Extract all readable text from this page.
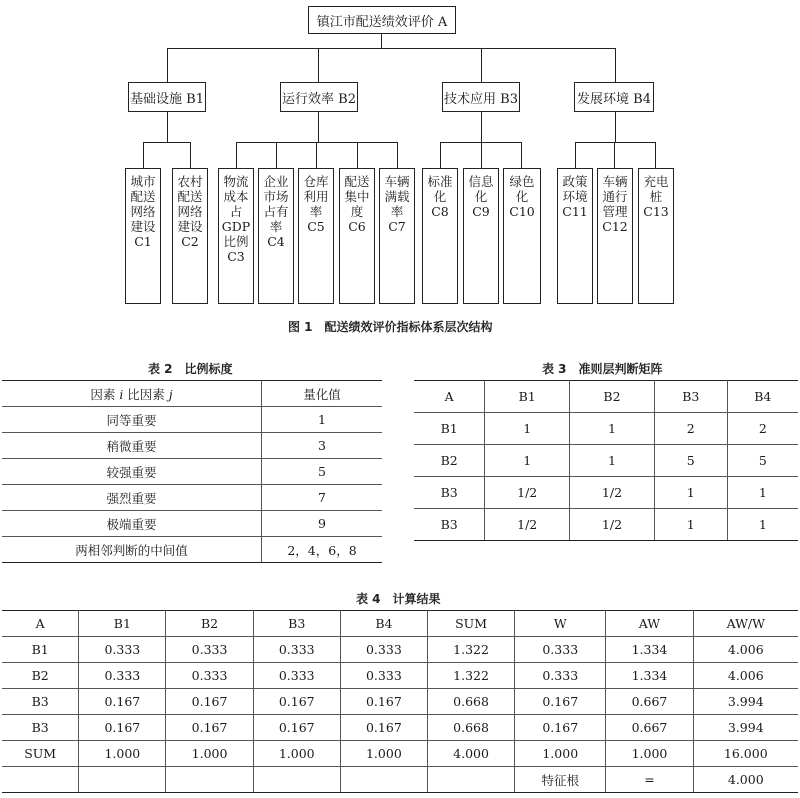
镇江市配送绩效评价 A
基础设施 B1	运行效率 B2	技术应用 B3	发展环境 B4
城市
配送
网络
建设
C1
农村
配送
网络
建设
C2
物流
成本
占
GDP
比例
C3
企业
市场
占有
率
C4
仓库
利用
率
C5
配送
集中
度
C6
车辆
满载
率
C7
标准
化
C8
信息
化
C9
绿色
化
C10
政策
环境
C11
车辆
通行
管理
C12
充电
桩
C13
图 1 配送绩效评价指标体系层次结构
表 2 比例标度
因素 i 比因素 j	量化值
同等重要	1
稍微重要	3
较强重要	5
强烈重要	7
极端重要	9
两相邻判断的中间值	2，4，6，8
表 3 准则层判断矩阵
A	B1	B2	B3	B4
B1	1	1	2	2
B2	1	1	5	5
B3	1/2	1/2	1	1
B3	1/2	1/2	1	1
表 4 计算结果
A	B1	B2	B3	B4	SUM	W	AW	AW/W
B1	0.333	0.333	0.333	0.333	1.322	0.333	1.334	4.006
B2	0.333	0.333	0.333	0.333	1.322	0.333	1.334	4.006
B3	0.167	0.167	0.167	0.167	0.668	0.167	0.667	3.994
B3	0.167	0.167	0.167	0.167	0.668	0.167	0.667	3.994
SUM	1.000	1.000	1.000	1.000	4.000	1.000	1.000	16.000
						特征根	=	4.000
